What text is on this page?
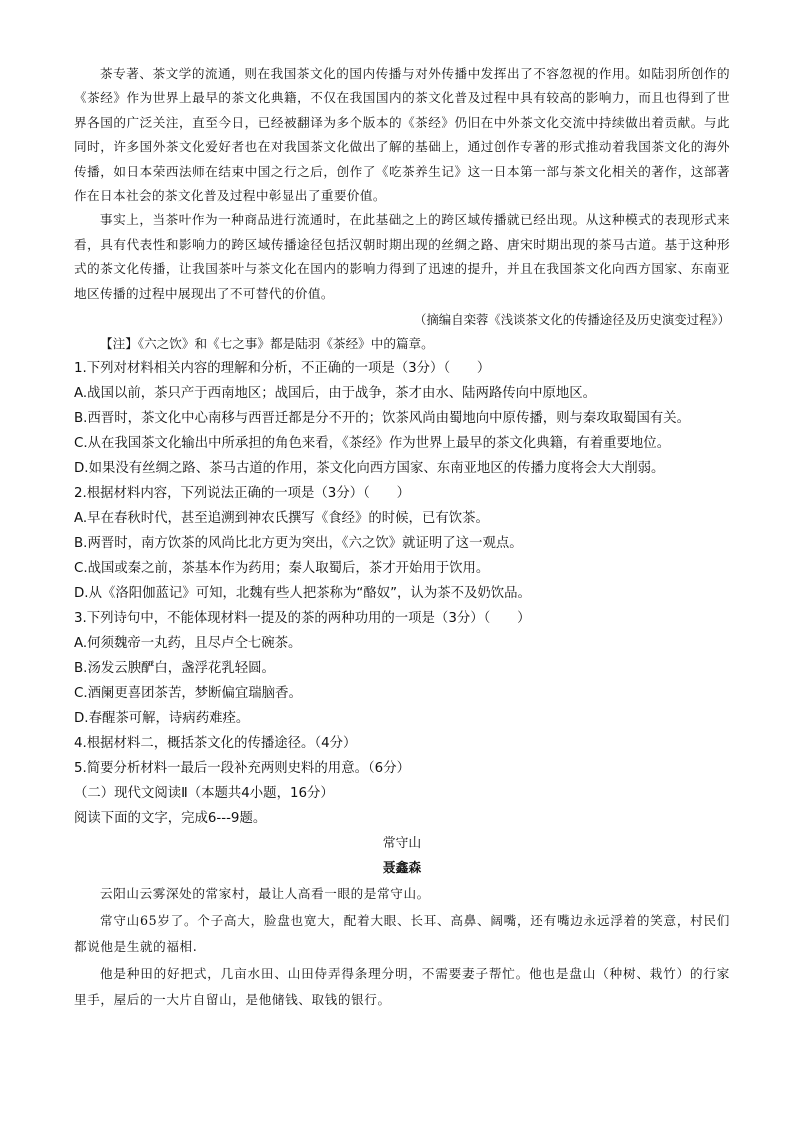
茶专著、茶文学的流通，则在我国茶文化的国内传播与对外传播中发挥出了不容忽视的作用。如陆羽所创作的《茶经》作为世界上最早的茶文化典籍，不仅在我国国内的茶文化普及过程中具有较高的影响力，而且也得到了世界各国的广泛关注，直至今日，已经被翻译为多个版本的《茶经》仍旧在中外茶文化交流中持续做出着贡献。与此同时，许多国外茶文化爱好者也在对我国茶文化做出了解的基础上，通过创作专著的形式推动着我国茶文化的海外传播，如日本荣西法师在结束中国之行之后，创作了《吃茶养生记》这一日本第一部与茶文化相关的著作，这部著作在日本社会的茶文化普及过程中彰显出了重要价值。

事实上，当茶叶作为一种商品进行流通时，在此基础之上的跨区域传播就已经出现。从这种模式的表现形式来看，具有代表性和影响力的跨区域传播途径包括汉朝时期出现的丝绸之路、唐宋时期出现的茶马古道。基于这种形式的茶文化传播，让我国茶叶与茶文化在国内的影响力得到了迅速的提升，并且在我国茶文化向西方国家、东南亚地区传播的过程中展现出了不可替代的价值。

（摘编自栾蓉《浅谈茶文化的传播途径及历史演变过程》）

【注】《六之饮》和《七之事》都是陆羽《茶经》中的篇章。

1.下列对材料相关内容的理解和分析，不正确的一项是（3分）（　　）

A.战国以前，茶只产于西南地区；战国后，由于战争，茶才由水、陆两路传向中原地区。

B.西晋时，茶文化中心南移与西晋迁都是分不开的；饮茶风尚由蜀地向中原传播，则与秦攻取蜀国有关。

C.从在我国茶文化输出中所承担的角色来看，《茶经》作为世界上最早的茶文化典籍，有着重要地位。

D.如果没有丝绸之路、茶马古道的作用，茶文化向西方国家、东南亚地区的传播力度将会大大削弱。

2.根据材料内容，下列说法正确的一项是（3分）（　　）

A.早在春秋时代，甚至追溯到神农氏撰写《食经》的时候，已有饮茶。

B.两晋时，南方饮茶的风尚比北方更为突出，《六之饮》就证明了这一观点。

C.战国或秦之前，茶基本作为药用；秦人取蜀后，茶才开始用于饮用。

D.从《洛阳伽蓝记》可知，北魏有些人把茶称为“酪奴”，认为茶不及奶饮品。

3.下列诗句中，不能体现材料一提及的茶的两种功用的一项是（3分）（　　）

A.何须魏帝一丸药，且尽卢仝七碗茶。

B.汤发云腴酽白，盏浮花乳轻圆。

C.酒阑更喜团茶苦，梦断偏宜瑞脑香。

D.春醒茶可解，诗病药难痊。

4.根据材料二，概括茶文化的传播途径。（4分）

5.简要分析材料一最后一段补充两则史料的用意。（6分）

（二）现代文阅读Ⅱ（本题共4小题，16分）

阅读下面的文字，完成6---9题。

常守山

聂鑫森

云阳山云雾深处的常家村，最让人高看一眼的是常守山。

常守山65岁了。个子高大，脸盘也宽大，配着大眼、长耳、高鼻、阔嘴，还有嘴边永远浮着的笑意，村民们都说他是生就的福相.

他是种田的好把式，几亩水田、山田侍弄得条理分明，不需要妻子帮忙。他也是盘山（种树、栽竹）的行家里手，屋后的一大片自留山，是他储钱、取钱的银行。
